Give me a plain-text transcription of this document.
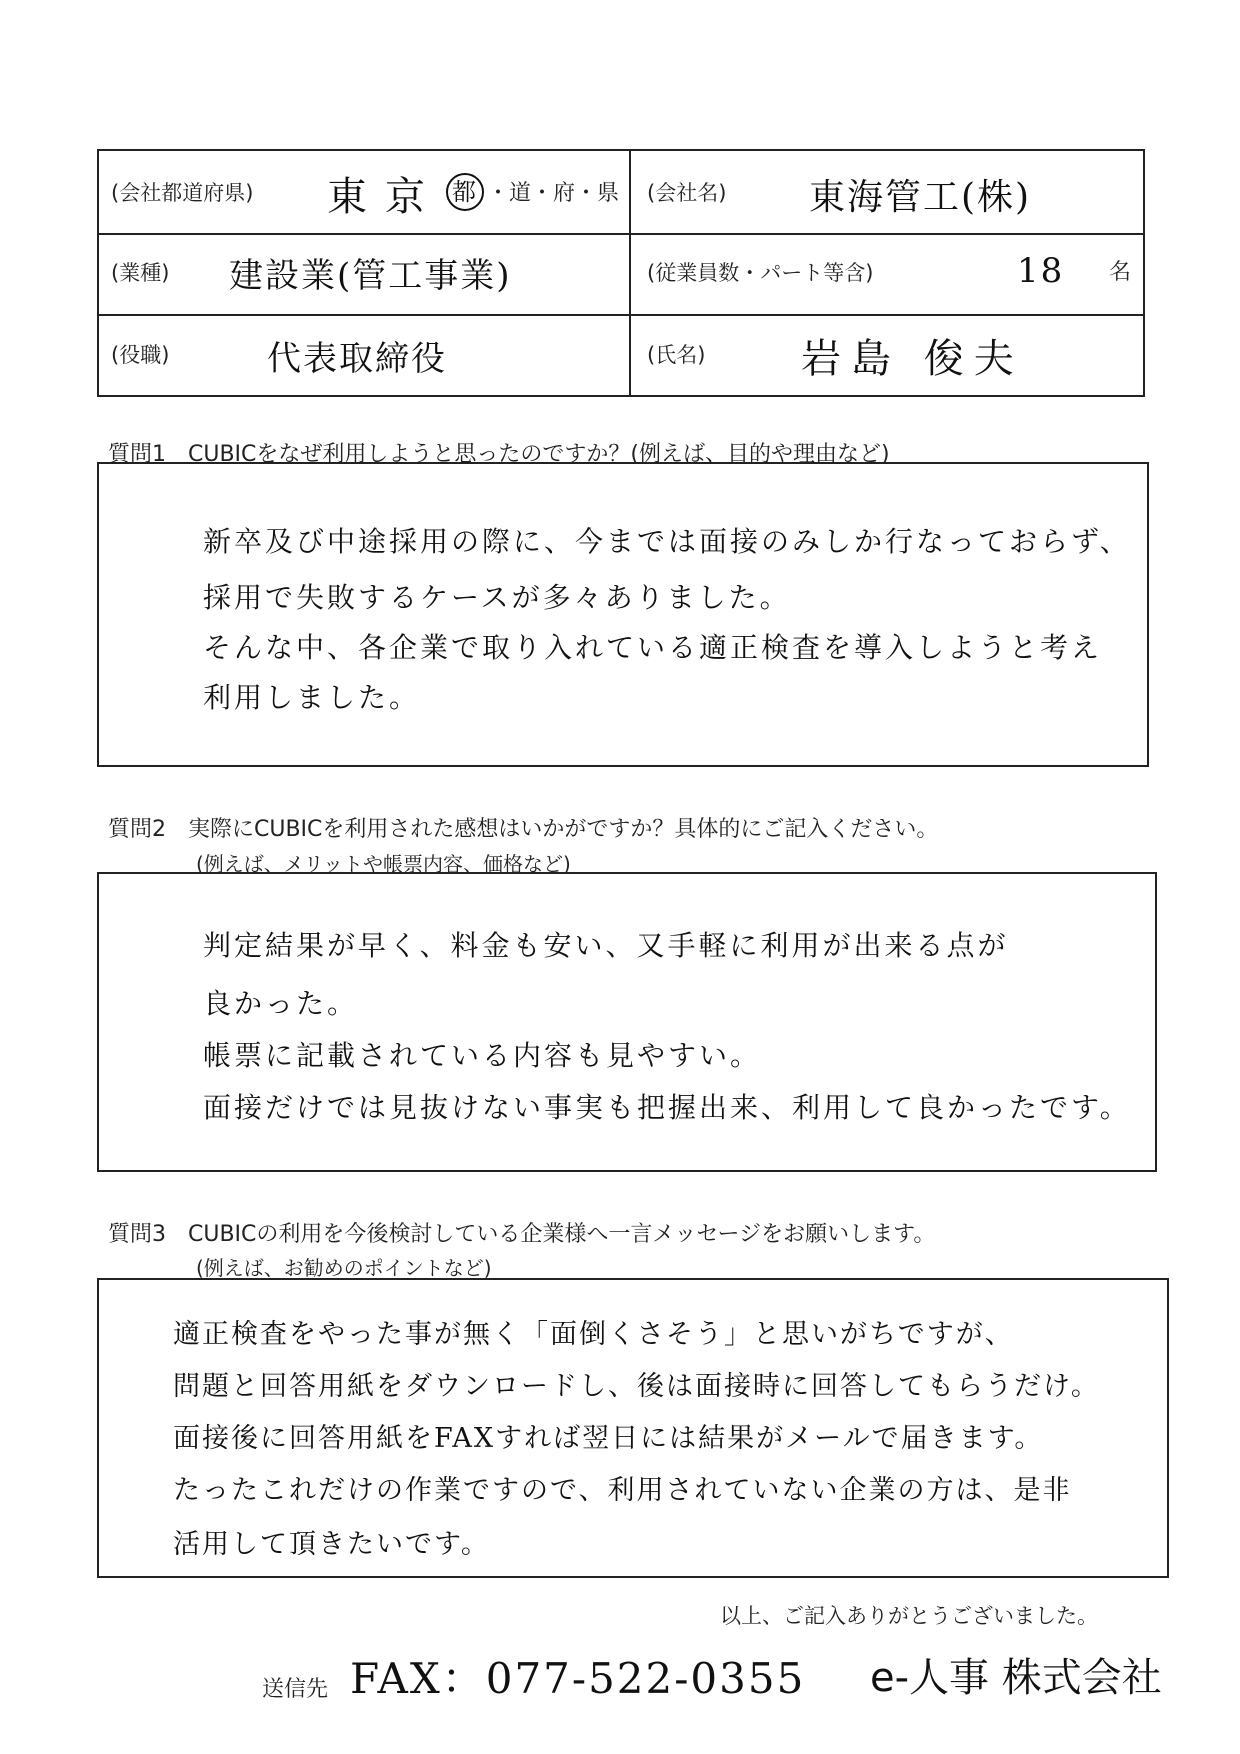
(会社都道府県) 東京 都 ・道・府・県 (会社名) 東海管工(株)
(業種) 建設業(管工事業)	(従業員数・パート等含)	18 名
(役職)	代表取締役	(氏名) 岩島 俊夫
質問1　CUBICをなぜ利用しようと思ったのですか？(例えば、目的や理由など)
新卒及び中途採用の際に、今までは面接のみしか行なっておらず、
採用で失敗するケースが多々ありました。
そんな中、各企業で取り入れている適正検査を導入しようと考え
利用しました。
質問2　実際にCUBICを利用された感想はいかがですか？具体的にご記入ください。
(例えば、メリットや帳票内容、価格など)
判定結果が早く、料金も安い、又手軽に利用が出来る点が
良かった。
帳票に記載されている内容も見やすい。
面接だけでは見抜けない事実も把握出来、利用して良かったです。
質問3　CUBICの利用を今後検討している企業様へ一言メッセージをお願いします。
(例えば、お勧めのポイントなど)
適正検査をやった事が無く「面倒くさそう」と思いがちですが、
問題と回答用紙をダウンロードし、後は面接時に回答してもらうだけ。
面接後に回答用紙をFAXすれば翌日には結果がメールで届きます。
たったこれだけの作業ですので、利用されていない企業の方は、是非
活用して頂きたいです。
以上、ご記入ありがとうございました。
送信先 FAX：077-522-0355 e-人事 株式会社
